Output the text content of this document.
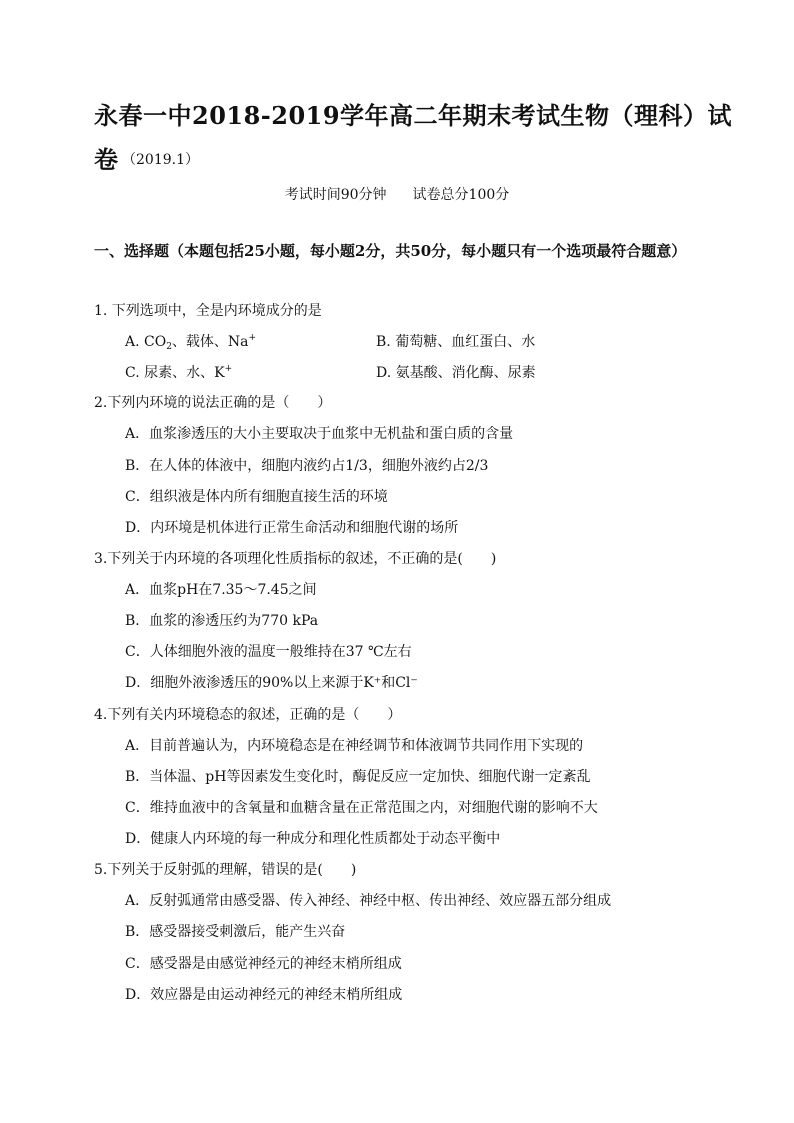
永春一中2018-2019学年高二年期末考试生物（理科）试
卷 （2019.1）
考试时间90分钟 试卷总分100分
一、选择题（本题包括25小题，每小题2分，共50分，每小题只有一个选项最符合题意）
1. 下列选项中，全是内环境成分的是
A. $CO_2$、载体、Na+	B. 葡萄糖、血红蛋白、水
C. 尿素、水、K+	D. 氨基酸、消化酶、尿素
2.下列内环境的说法正确的是（　　）
A．血浆渗透压的大小主要取决于血浆中无机盐和蛋白质的含量
B．在人体的体液中，细胞内液约占1/3，细胞外液约占2/3
C．组织液是体内所有细胞直接生活的环境
D．内环境是机体进行正常生命活动和细胞代谢的场所
3.下列关于内环境的各项理化性质指标的叙述，不正确的是(　　)
A．血浆pH在7.35～7.45之间
B．血浆的渗透压约为770 kPa
C．人体细胞外液的温度一般维持在37 ℃左右
D．细胞外液渗透压的90%以上来源于K⁺和Cl⁻
4.下列有关内环境稳态的叙述，正确的是（　　）
A．目前普遍认为，内环境稳态是在神经调节和体液调节共同作用下实现的
B．当体温、pH等因素发生变化时，酶促反应一定加快、细胞代谢一定紊乱
C．维持血液中的含氧量和血糖含量在正常范围之内，对细胞代谢的影响不大
D．健康人内环境的每一种成分和理化性质都处于动态平衡中
5.下列关于反射弧的理解，错误的是(　　)
A．反射弧通常由感受器、传入神经、神经中枢、传出神经、效应器五部分组成
B．感受器接受刺激后，能产生兴奋
C．感受器是由感觉神经元的神经末梢所组成
D．效应器是由运动神经元的神经末梢所组成
